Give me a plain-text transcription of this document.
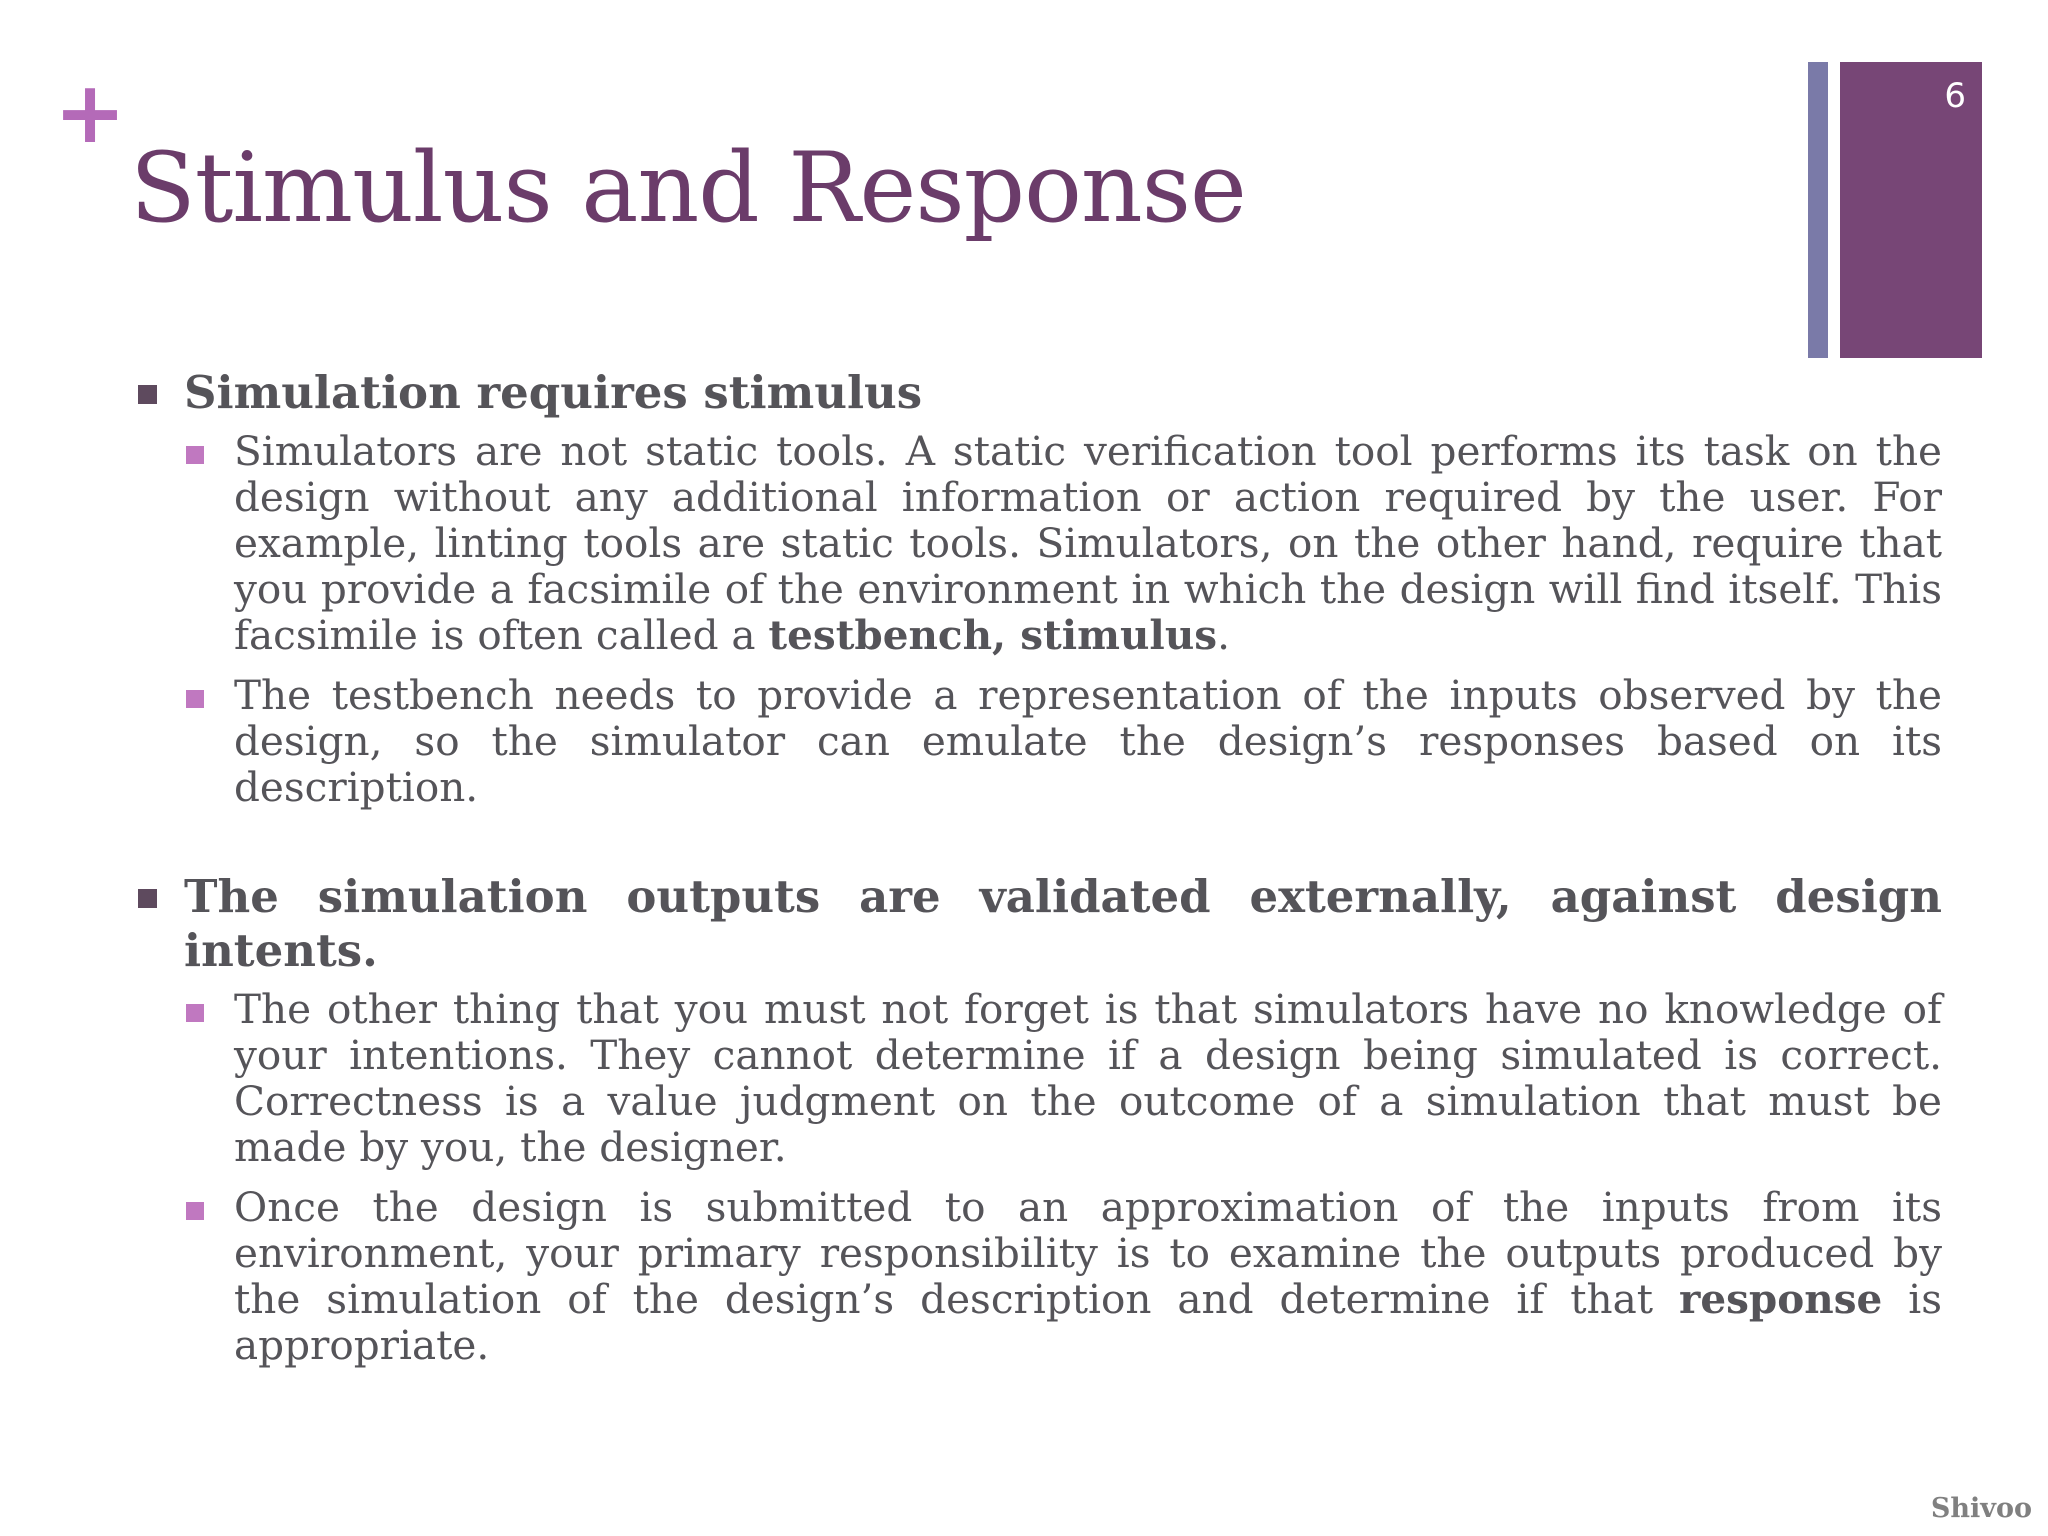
+
Stimulus and Response
6
Simulation requires stimulus
Simulators are not static tools. A static verification tool performs its task on the design without any additional information or action required by the user. For example, linting tools are static tools. Simulators, on the other hand, require that you provide a facsimile of the environment in which the design will find itself. This facsimile is often called a testbench, stimulus.
The testbench needs to provide a representation of the inputs observed by the design, so the simulator can emulate the design’s responses based on its description.
The simulation outputs are validated externally, against design intents.
The other thing that you must not forget is that simulators have no knowledge of your intentions. They cannot determine if a design being simulated is correct. Correctness is a value judgment on the outcome of a simulation that must be made by you, the designer.
Once the design is submitted to an approximation of the inputs from its environment, your primary responsibility is to examine the outputs produced by the simulation of the design’s description and determine if that response is appropriate.
Shivoo
